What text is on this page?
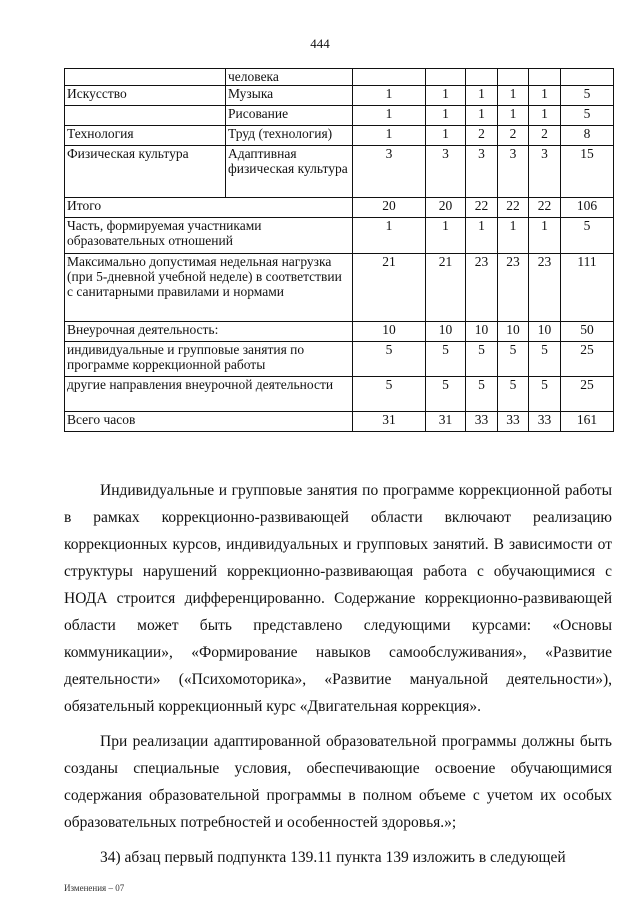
444
	человека						
Искусство	Музыка	1	1	1	1	1	5
	Рисование	1	1	1	1	1	5
Технология	Труд (технология)	1	1	2	2	2	8
Физическая культура	Адаптивная физическая культура	3	3	3	3	3	15
Итого		20	20	22	22	22	106
Часть, формируемая участниками образовательных отношений		1	1	1	1	1	5
Максимально допустимая недельная нагрузка (при 5-дневной учебной неделе) в соответствии с санитарными правилами и нормами		21	21	23	23	23	111
Внеурочная деятельность:		10	10	10	10	10	50
индивидуальные и групповые занятия по программе коррекционной работы		5	5	5	5	5	25
другие направления внеурочной деятельности		5	5	5	5	5	25
Всего часов		31	31	33	33	33	161

Индивидуальные и групповые занятия по программе коррекционной работы в рамках коррекционно-развивающей области включают реализацию коррекционных курсов, индивидуальных и групповых занятий. В зависимости от структуры нарушений коррекционно-развивающая работа с обучающимися с НОДА строится дифференцированно. Содержание коррекционно-развивающей области может быть представлено следующими курсами: «Основы коммуникации», «Формирование навыков самообслуживания», «Развитие деятельности» («Психомоторика», «Развитие мануальной деятельности»), обязательный коррекционный курс «Двигательная коррекция».

При реализации адаптированной образовательной программы должны быть созданы специальные условия, обеспечивающие освоение обучающимися содержания образовательной программы в полном объеме с учетом их особых образовательных потребностей и особенностей здоровья.»;

34) абзац первый подпункта 139.11 пункта 139 изложить в следующей

Изменения – 07
